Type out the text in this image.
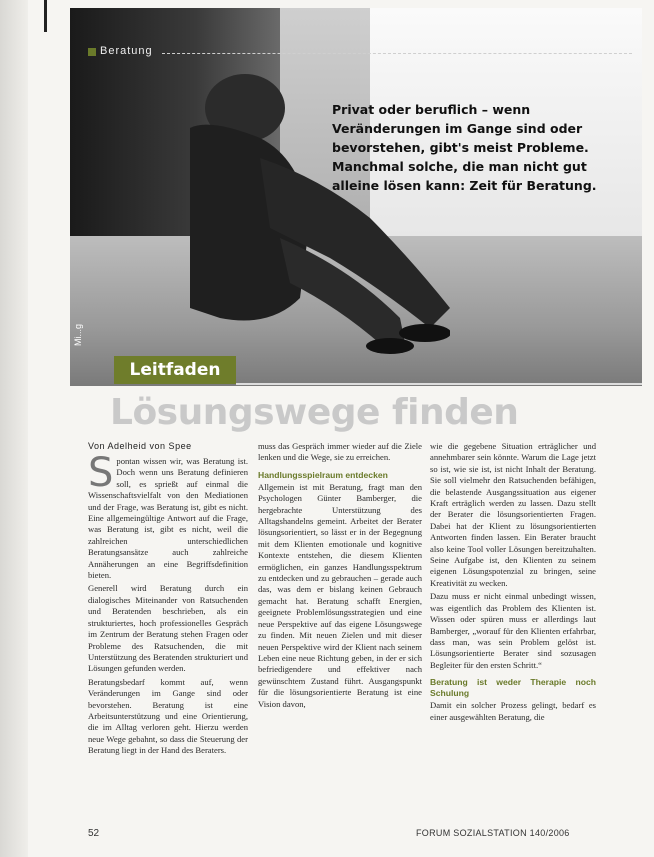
Beratung
Privat oder beruflich – wenn Veränderungen im Gange sind oder bevorstehen, gibt's meist Probleme. Manchmal solche, die man nicht gut alleine lösen kann: Zeit für Beratung.
Mi...g
Leitfaden
Lösungswege finden
Von Adelheid von Spee
S pontan wissen wir, was Beratung ist. Doch wenn uns Beratung definieren soll, es sprießt auf einmal die Wissenschaftsvielfalt von den Mediationen und der Frage, was Beratung ist, gibt es nicht. Eine allgemeingültige Antwort auf die Frage, was Beratung ist, gibt es nicht, weil die zahlreichen unterschiedlichen Beratungsansätze auch zahlreiche Annäherungen an eine Begriffsdefinition bieten.

Generell wird Beratung durch ein dialogisches Miteinander von Ratsuchenden und Beratenden beschrieben, als ein strukturiertes, hoch professionelles Gespräch im Zentrum der Beratung stehen Fragen oder Probleme des Ratsuchenden, die mit Unterstützung des Beratenden strukturiert und Lösungen gefunden werden.

Beratungsbedarf kommt auf, wenn Veränderungen im Gange sind oder bevorstehen. Beratung ist eine Arbeitsunterstützung und eine Orientierung, die im Alltag verloren geht. Hierzu werden neue Wege gebahnt, so dass die Steuerung der Beratung liegt in der Hand des Beraters.

muss das Gespräch immer wieder auf die Ziele lenken und die Wege, sie zu erreichen.

Handlungsspielraum entdecken

Allgemein ist mit Beratung, fragt man den Psychologen Günter Bamberger, die hergebrachte Unterstützung des Alltagshandelns gemeint. Arbeitet der Berater lösungsorientiert, so lässt er in der Begegnung mit dem Klienten emotionale und kognitive Kontexte entstehen, die diesem Klienten ermöglichen, ein ganzes Handlungsspektrum zu entdecken und zu gebrauchen – gerade auch das, was dem er bislang keinen Gebrauch gemacht hat. Beratung schafft Energien, geeignete Problemlösungsstrategien und eine neue Perspektive auf das eigene Lösungswege zu finden. Mit neuen Zielen und mit dieser neuen Perspektive wird der Klient nach seinem Leben eine neue Richtung geben, in der er sich befriedigendere und effektiver nach gewünschtem Zustand führt. Ausgangspunkt für die lösungsorientierte Beratung ist eine Vision davon,

wie die gegebene Situation erträglicher und annehmbarer sein könnte. Warum die Lage jetzt so ist, wie sie ist, ist nicht Inhalt der Beratung. Sie soll vielmehr den Ratsuchenden befähigen, die belastende Ausgangssituation aus eigener Kraft erträglich werden zu lassen. Dazu stellt der Berater die lösungsorientierten Fragen. Dabei hat der Klient zu lösungsorientierten Antworten finden lassen. Ein Berater braucht also keine Tool voller Lösungen bereitzuhalten. Seine Aufgabe ist, den Klienten zu seinem eigenen Lösungspotenzial zu bringen, seine Kreativität zu wecken.

Dazu muss er nicht einmal unbedingt wissen, was eigentlich das Problem des Klienten ist. Wissen oder spüren muss er allerdings laut Bamberger, „worauf für den Klienten erfahrbar, dass man, was sein Problem gelöst ist. Lösungsorientierte Berater sind sozusagen Begleiter für den ersten Schritt.“

Beratung ist weder Therapie noch Schulung

Damit ein solcher Prozess gelingt, bedarf es einer ausgewählten Beratung, die

52	FORUM SOZIALSTATION 140/2006
